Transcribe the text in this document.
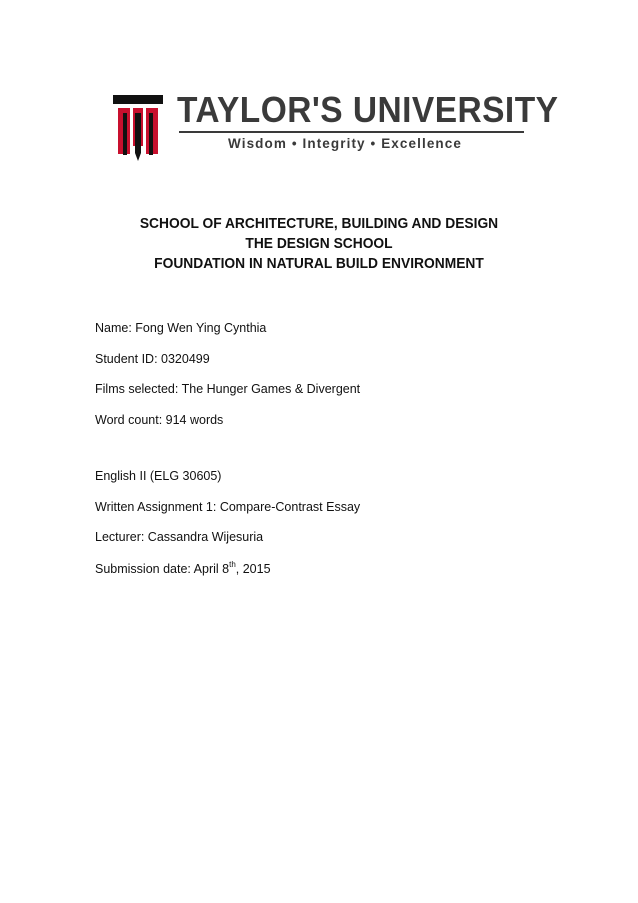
TAYLOR'S UNIVERSITY
Wisdom • Integrity • Excellence
SCHOOL OF ARCHITECTURE, BUILDING AND DESIGN
THE DESIGN SCHOOL
FOUNDATION IN NATURAL BUILD ENVIRONMENT
Name: Fong Wen Ying Cynthia
Student ID: 0320499
Films selected: The Hunger Games & Divergent
Word count: 914 words
English II (ELG 30605)
Written Assignment 1: Compare-Contrast Essay
Lecturer: Cassandra Wijesuria
Submission date: April 8th, 2015
